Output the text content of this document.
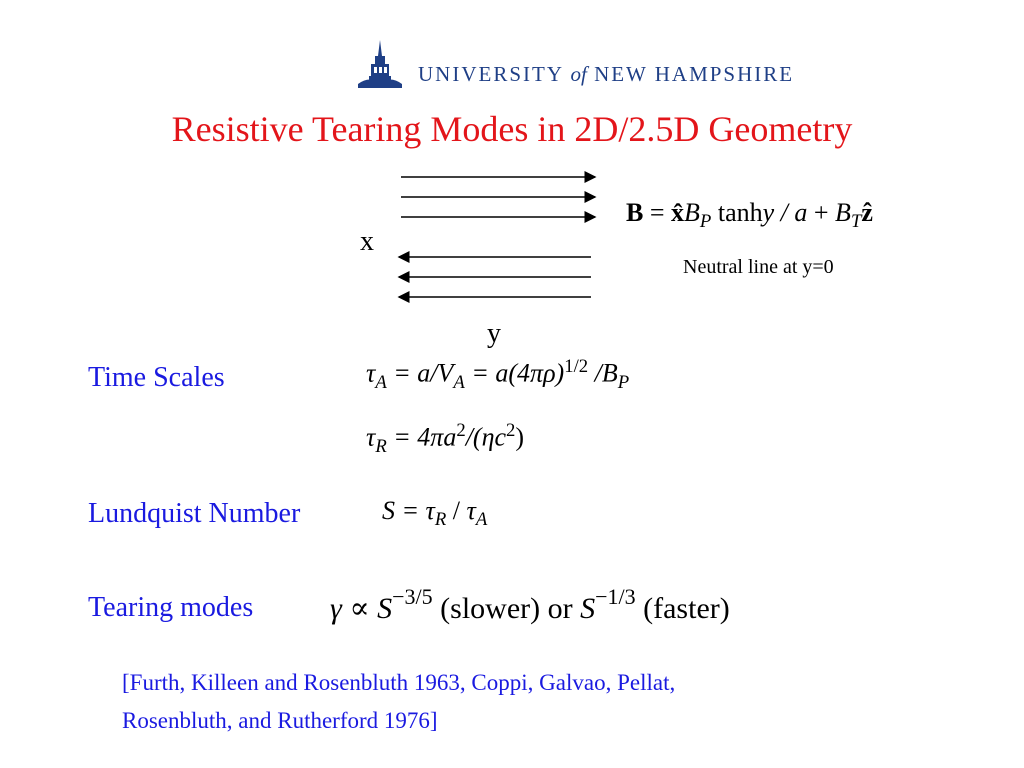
UNIVERSITY of NEW HAMPSHIRE
Resistive Tearing Modes in 2D/2.5D Geometry
x
y
$B = x̂B_P$ $\tanh y / a + B_Tẑ$
Neutral line at y=0
Time Scales
Lundquist Number
Tearing modes
$\tau_A = a/V_A = a(4\pi\rho)^{1/2}$ $/B_P$
$\tau_R = 4\pi a^2/(\eta c^2)$
$S = \tau_R / \tau_A$
$\gamma \propto S^{-3/5}$ (slower) or $S^{-1/3}$ (faster)
[Furth, Killeen and Rosenbluth 1963, Coppi, Galvao, Pellat,
Rosenbluth, and Rutherford 1976]
